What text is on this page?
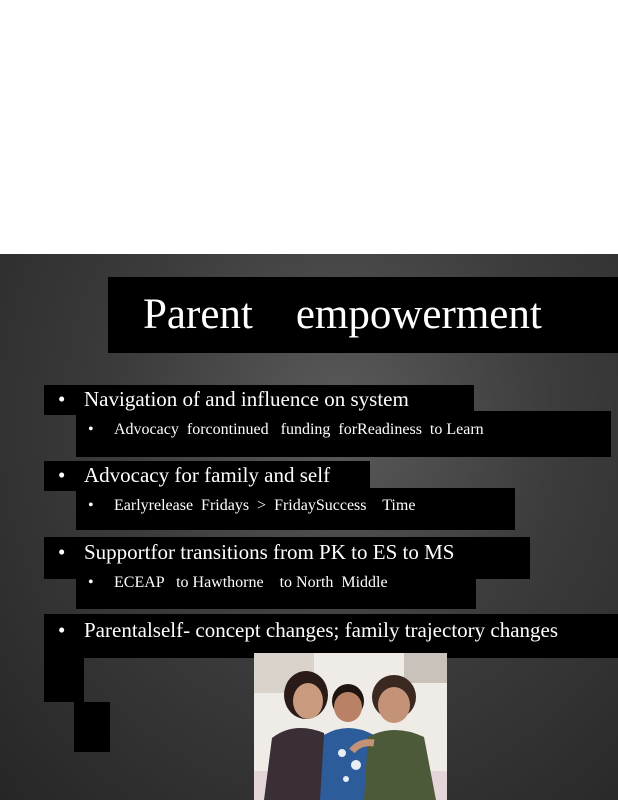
Parent    empowerment
• Navigation of and influence on system
• Advocacy  forcontinued   funding  forReadiness  to Learn
• Advocacy for family and self
• Earlyrelease  Fridays  >  FridaySuccess    Time
• Supportfor transitions from PK to ES to MS
• ECEAP   to Hawthorne    to North  Middle
• Parentalself- concept changes; family trajectory changes
